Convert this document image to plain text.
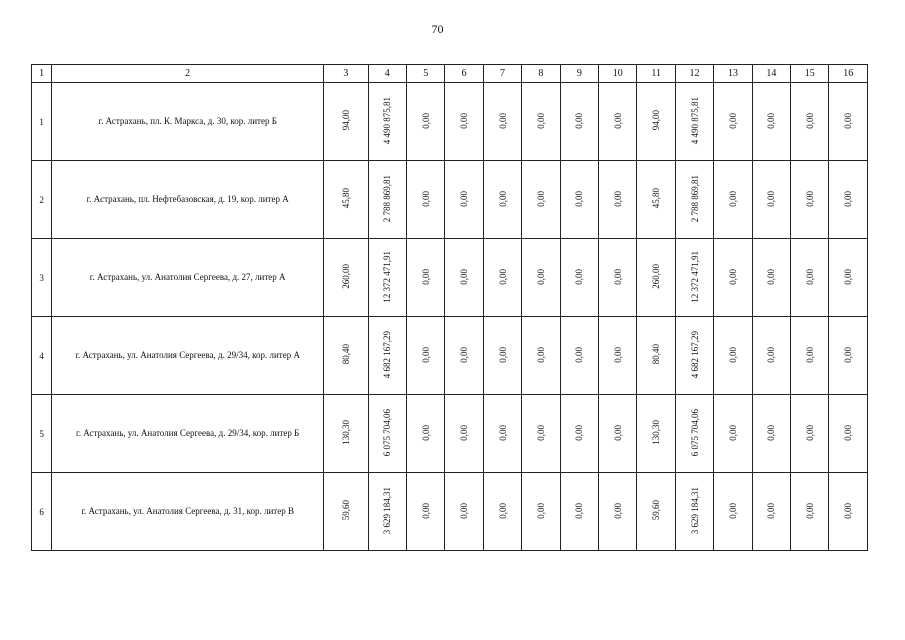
70
1	2	3	4	5	6	7	8	9	10	11	12	13	14	15	16
1	г. Астрахань, пл. К. Маркса, д. 30, кор. литер Б	94,00	4 490 875,81	0,00	0,00	0,00	0,00	0,00	0,00	94,00	4 490 875,81	0,00	0,00	0,00	0,00
2	г. Астрахань, пл. Нефтебазовская, д. 19, кор. литер А	45,80	2 788 869,81	0,00	0,00	0,00	0,00	0,00	0,00	45,80	2 788 869,81	0,00	0,00	0,00	0,00
3	г. Астрахань, ул. Анатолия Сергеева, д. 27, литер А	260,00	12 372 471,91	0,00	0,00	0,00	0,00	0,00	0,00	260,00	12 372 471,91	0,00	0,00	0,00	0,00
4	г. Астрахань, ул. Анатолия Сергеева, д. 29/34, кор. литер А	80,40	4 682 167,29	0,00	0,00	0,00	0,00	0,00	0,00	80,40	4 682 167,29	0,00	0,00	0,00	0,00
5	г. Астрахань, ул. Анатолия Сергеева, д. 29/34, кор. литер Б	130,30	6 075 704,06	0,00	0,00	0,00	0,00	0,00	0,00	130,30	6 075 704,06	0,00	0,00	0,00	0,00
6	г. Астрахань, ул. Анатолия Сергеева, д. 31, кор. литер В	59,60	3 629 184,31	0,00	0,00	0,00	0,00	0,00	0,00	59,60	3 629 184,31	0,00	0,00	0,00	0,00
